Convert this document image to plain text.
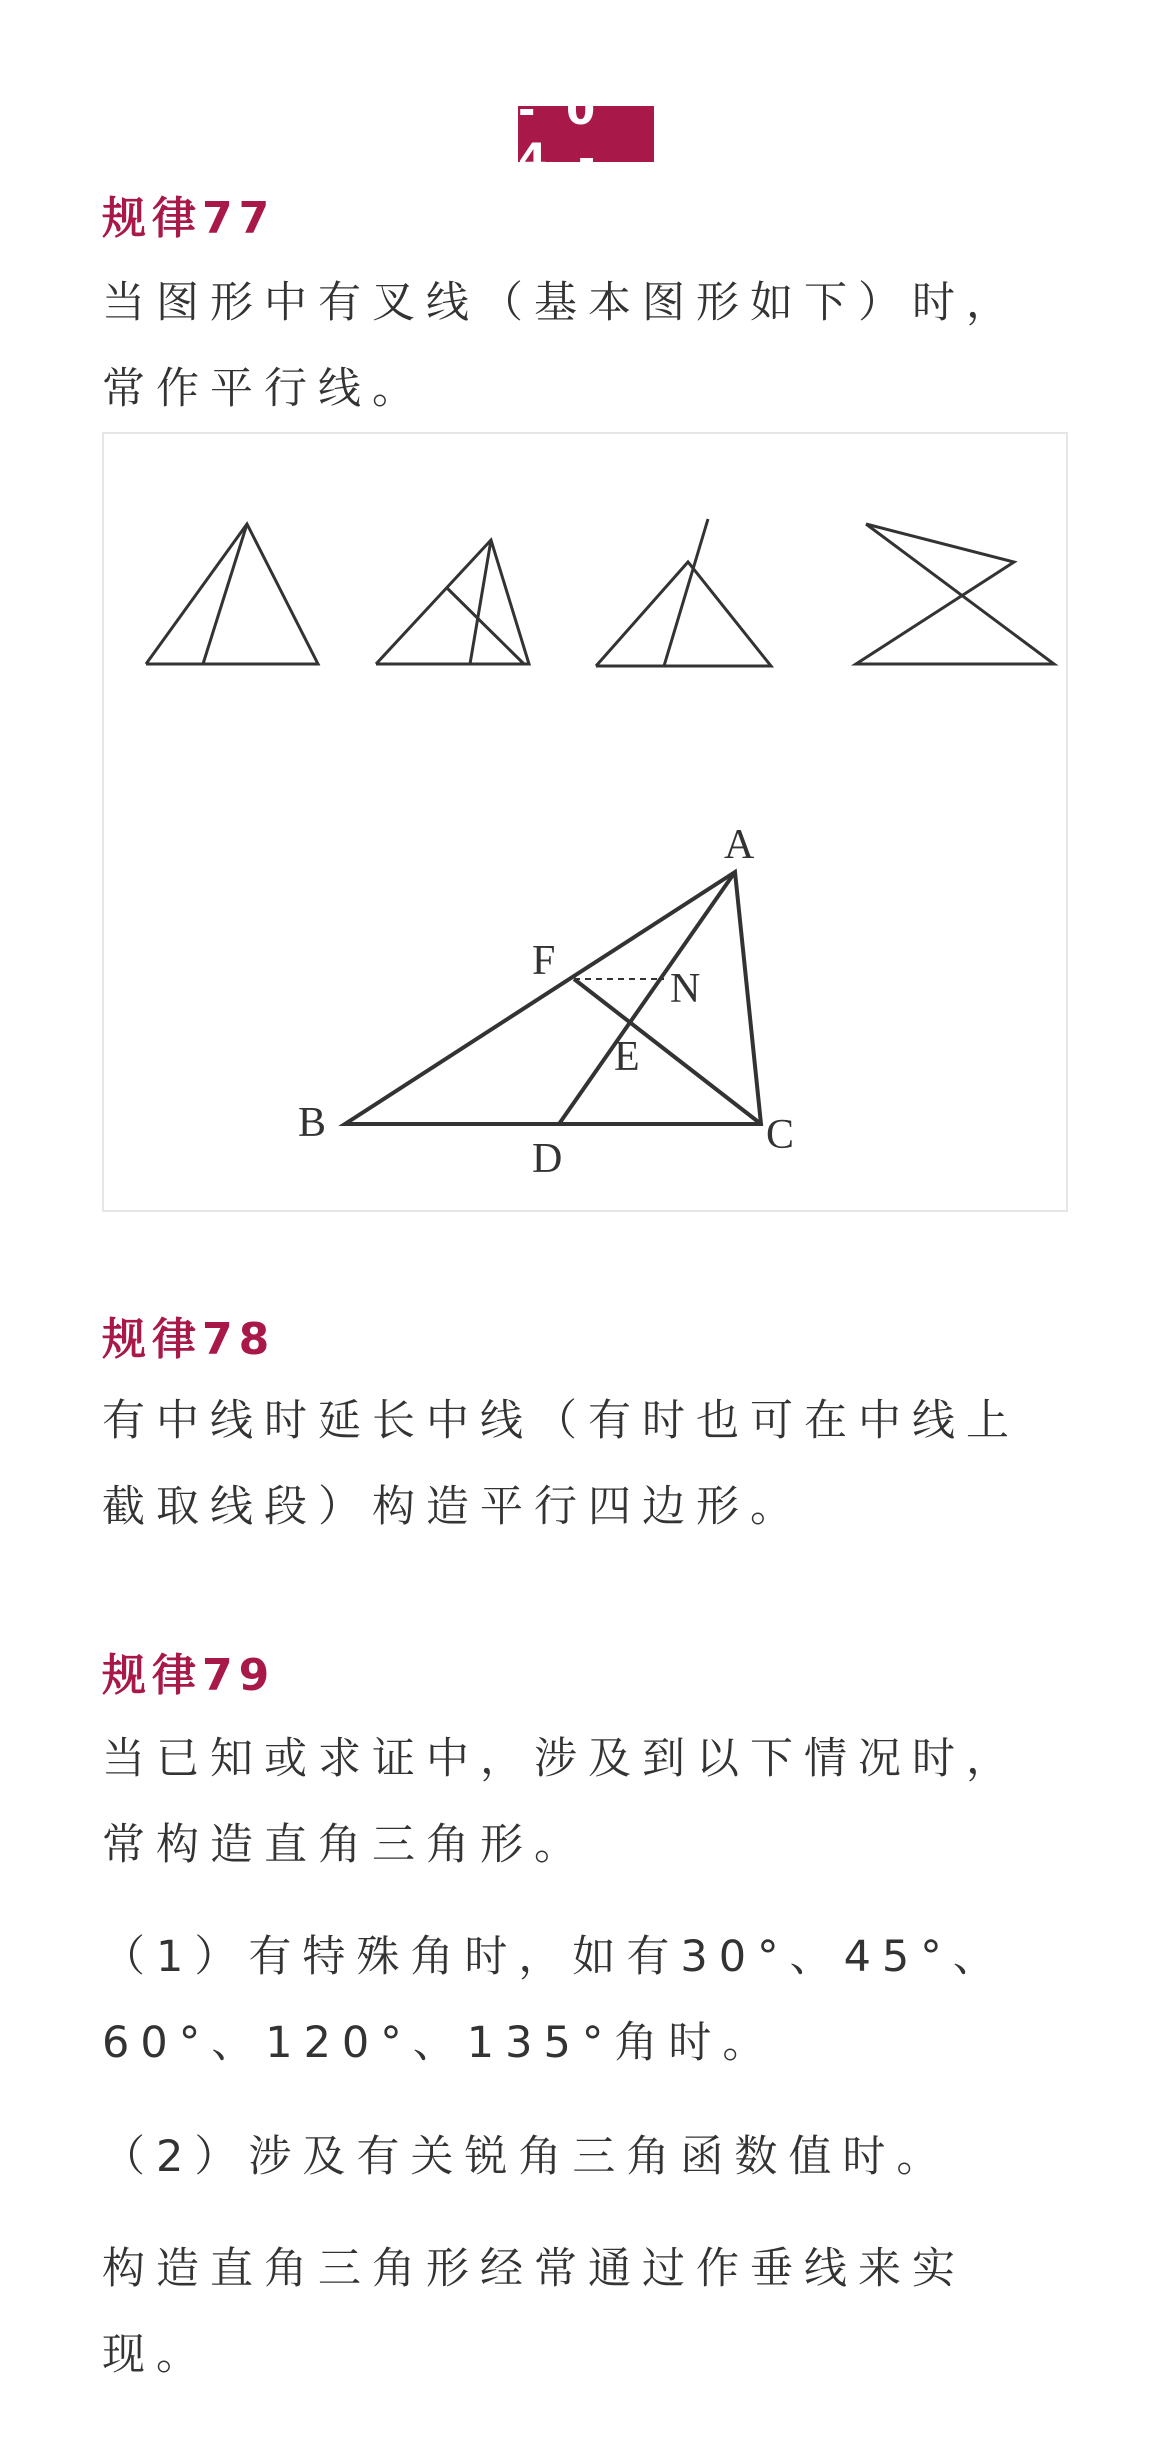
- 0 4 -
规律77

当图形中有叉线（基本图形如下）时，

常作平行线。

A
B	C
D
E
F
N
规律78

有中线时延长中线（有时也可在中线上

截取线段）构造平行四边形。

规律79

当已知或求证中，涉及到以下情况时，

常构造直角三角形。

（1）有特殊角时，如有30°、45°、

60°、120°、135°角时。

（2）涉及有关锐角三角函数值时。

构造直角三角形经常通过作垂线来实

现。
